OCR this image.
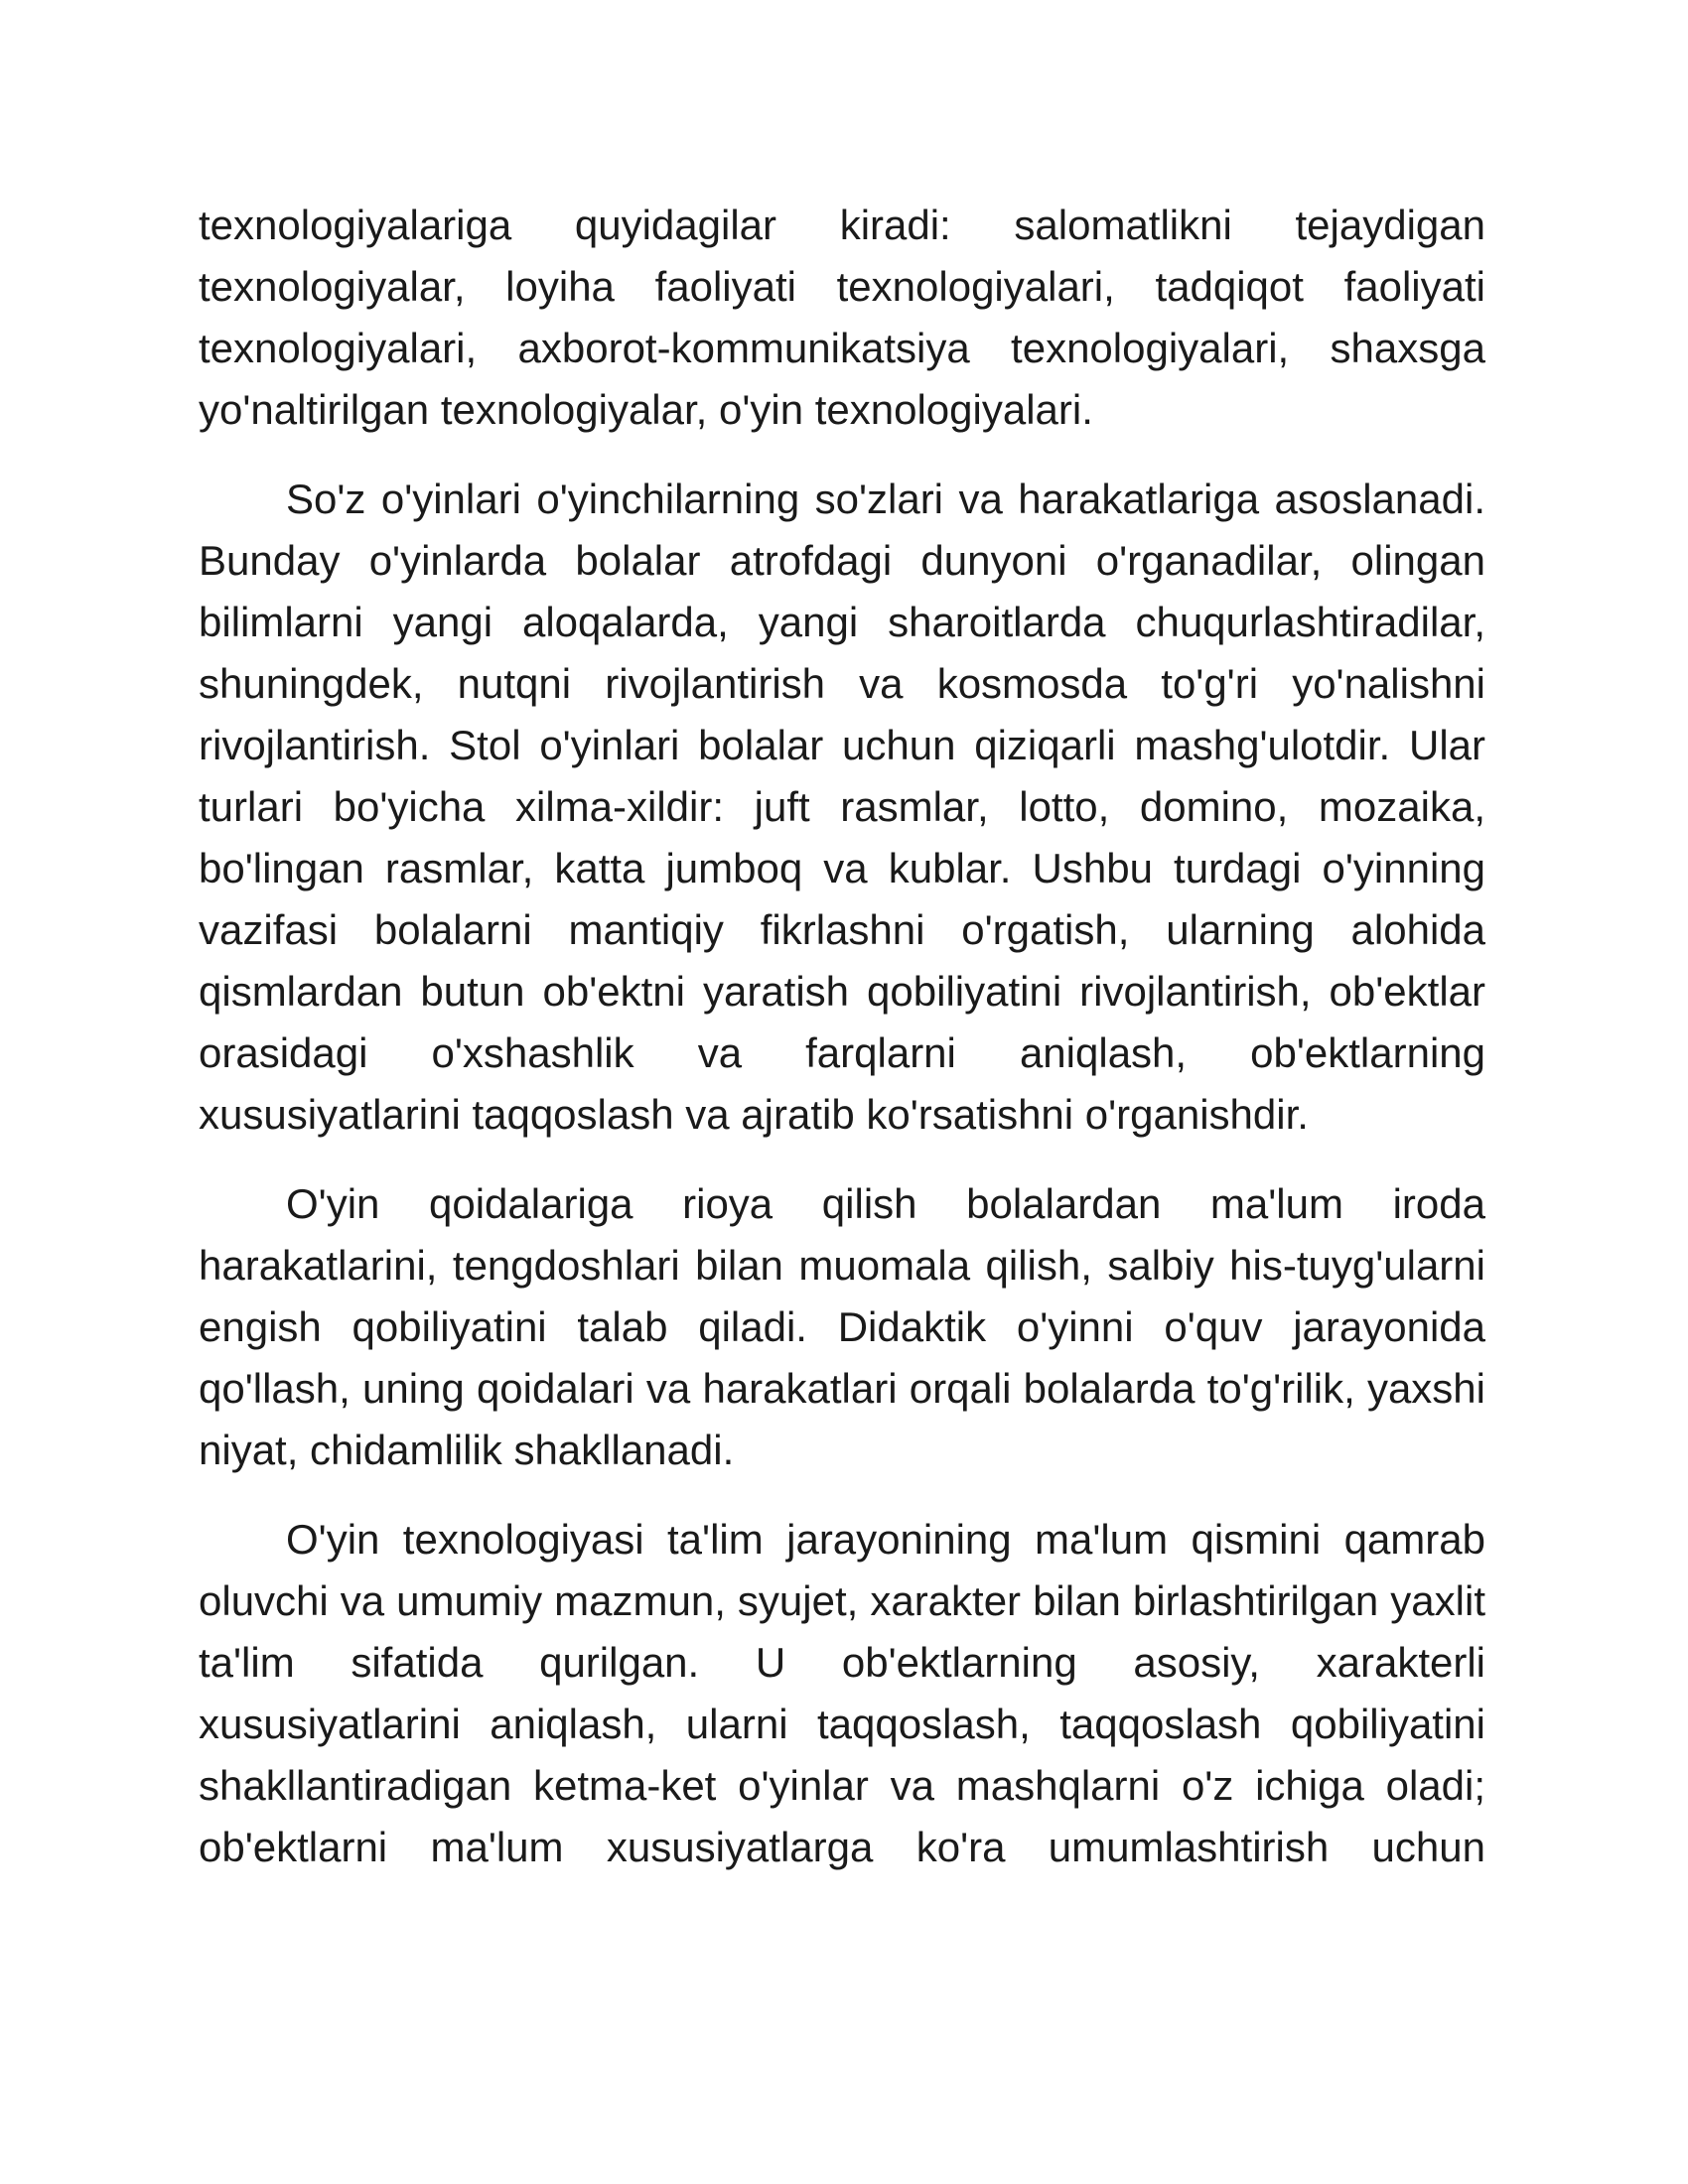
texnologiyalariga quyidagilar kiradi: salomatlikni tejaydigan texnologiyalar, loyiha faoliyati texnologiyalari, tadqiqot faoliyati texnologiyalari, axborot-kommunikatsiya texnologiyalari, shaxsga yo'naltirilgan texnologiyalar, o'yin texnologiyalari.

So'z o'yinlari o'yinchilarning so'zlari va harakatlariga asoslanadi. Bunday o'yinlarda bolalar atrofdagi dunyoni o'rganadilar, olingan bilimlarni yangi aloqalarda, yangi sharoitlarda chuqurlashtiradilar, shuningdek, nutqni rivojlantirish va kosmosda to'g'ri yo'nalishni rivojlantirish. Stol o'yinlari bolalar uchun qiziqarli mashg'ulotdir. Ular turlari bo'yicha xilma-xildir: juft rasmlar, lotto, domino, mozaika, bo'lingan rasmlar, katta jumboq va kublar. Ushbu turdagi o'yinning vazifasi bolalarni mantiqiy fikrlashni o'rgatish, ularning alohida qismlardan butun ob'ektni yaratish qobiliyatini rivojlantirish, ob'ektlar orasidagi o'xshashlik va farqlarni aniqlash, ob'ektlarning xususiyatlarini taqqoslash va ajratib ko'rsatishni o'rganishdir.

O'yin qoidalariga rioya qilish bolalardan ma'lum iroda harakatlarini, tengdoshlari bilan muomala qilish, salbiy his-tuyg'ularni engish qobiliyatini talab qiladi. Didaktik o'yinni o'quv jarayonida qo'llash, uning qoidalari va harakatlari orqali bolalarda to'g'rilik, yaxshi niyat, chidamlilik shakllanadi.

O'yin texnologiyasi ta'lim jarayonining ma'lum qismini qamrab oluvchi va umumiy mazmun, syujet, xarakter bilan birlashtirilgan yaxlit ta'lim sifatida qurilgan. U ob'ektlarning asosiy, xarakterli xususiyatlarini aniqlash, ularni taqqoslash, taqqoslash qobiliyatini shakllantiradigan ketma-ket o'yinlar va mashqlarni o'z ichiga oladi; ob'ektlarni ma'lum xususiyatlarga ko'ra umumlashtirish uchun
